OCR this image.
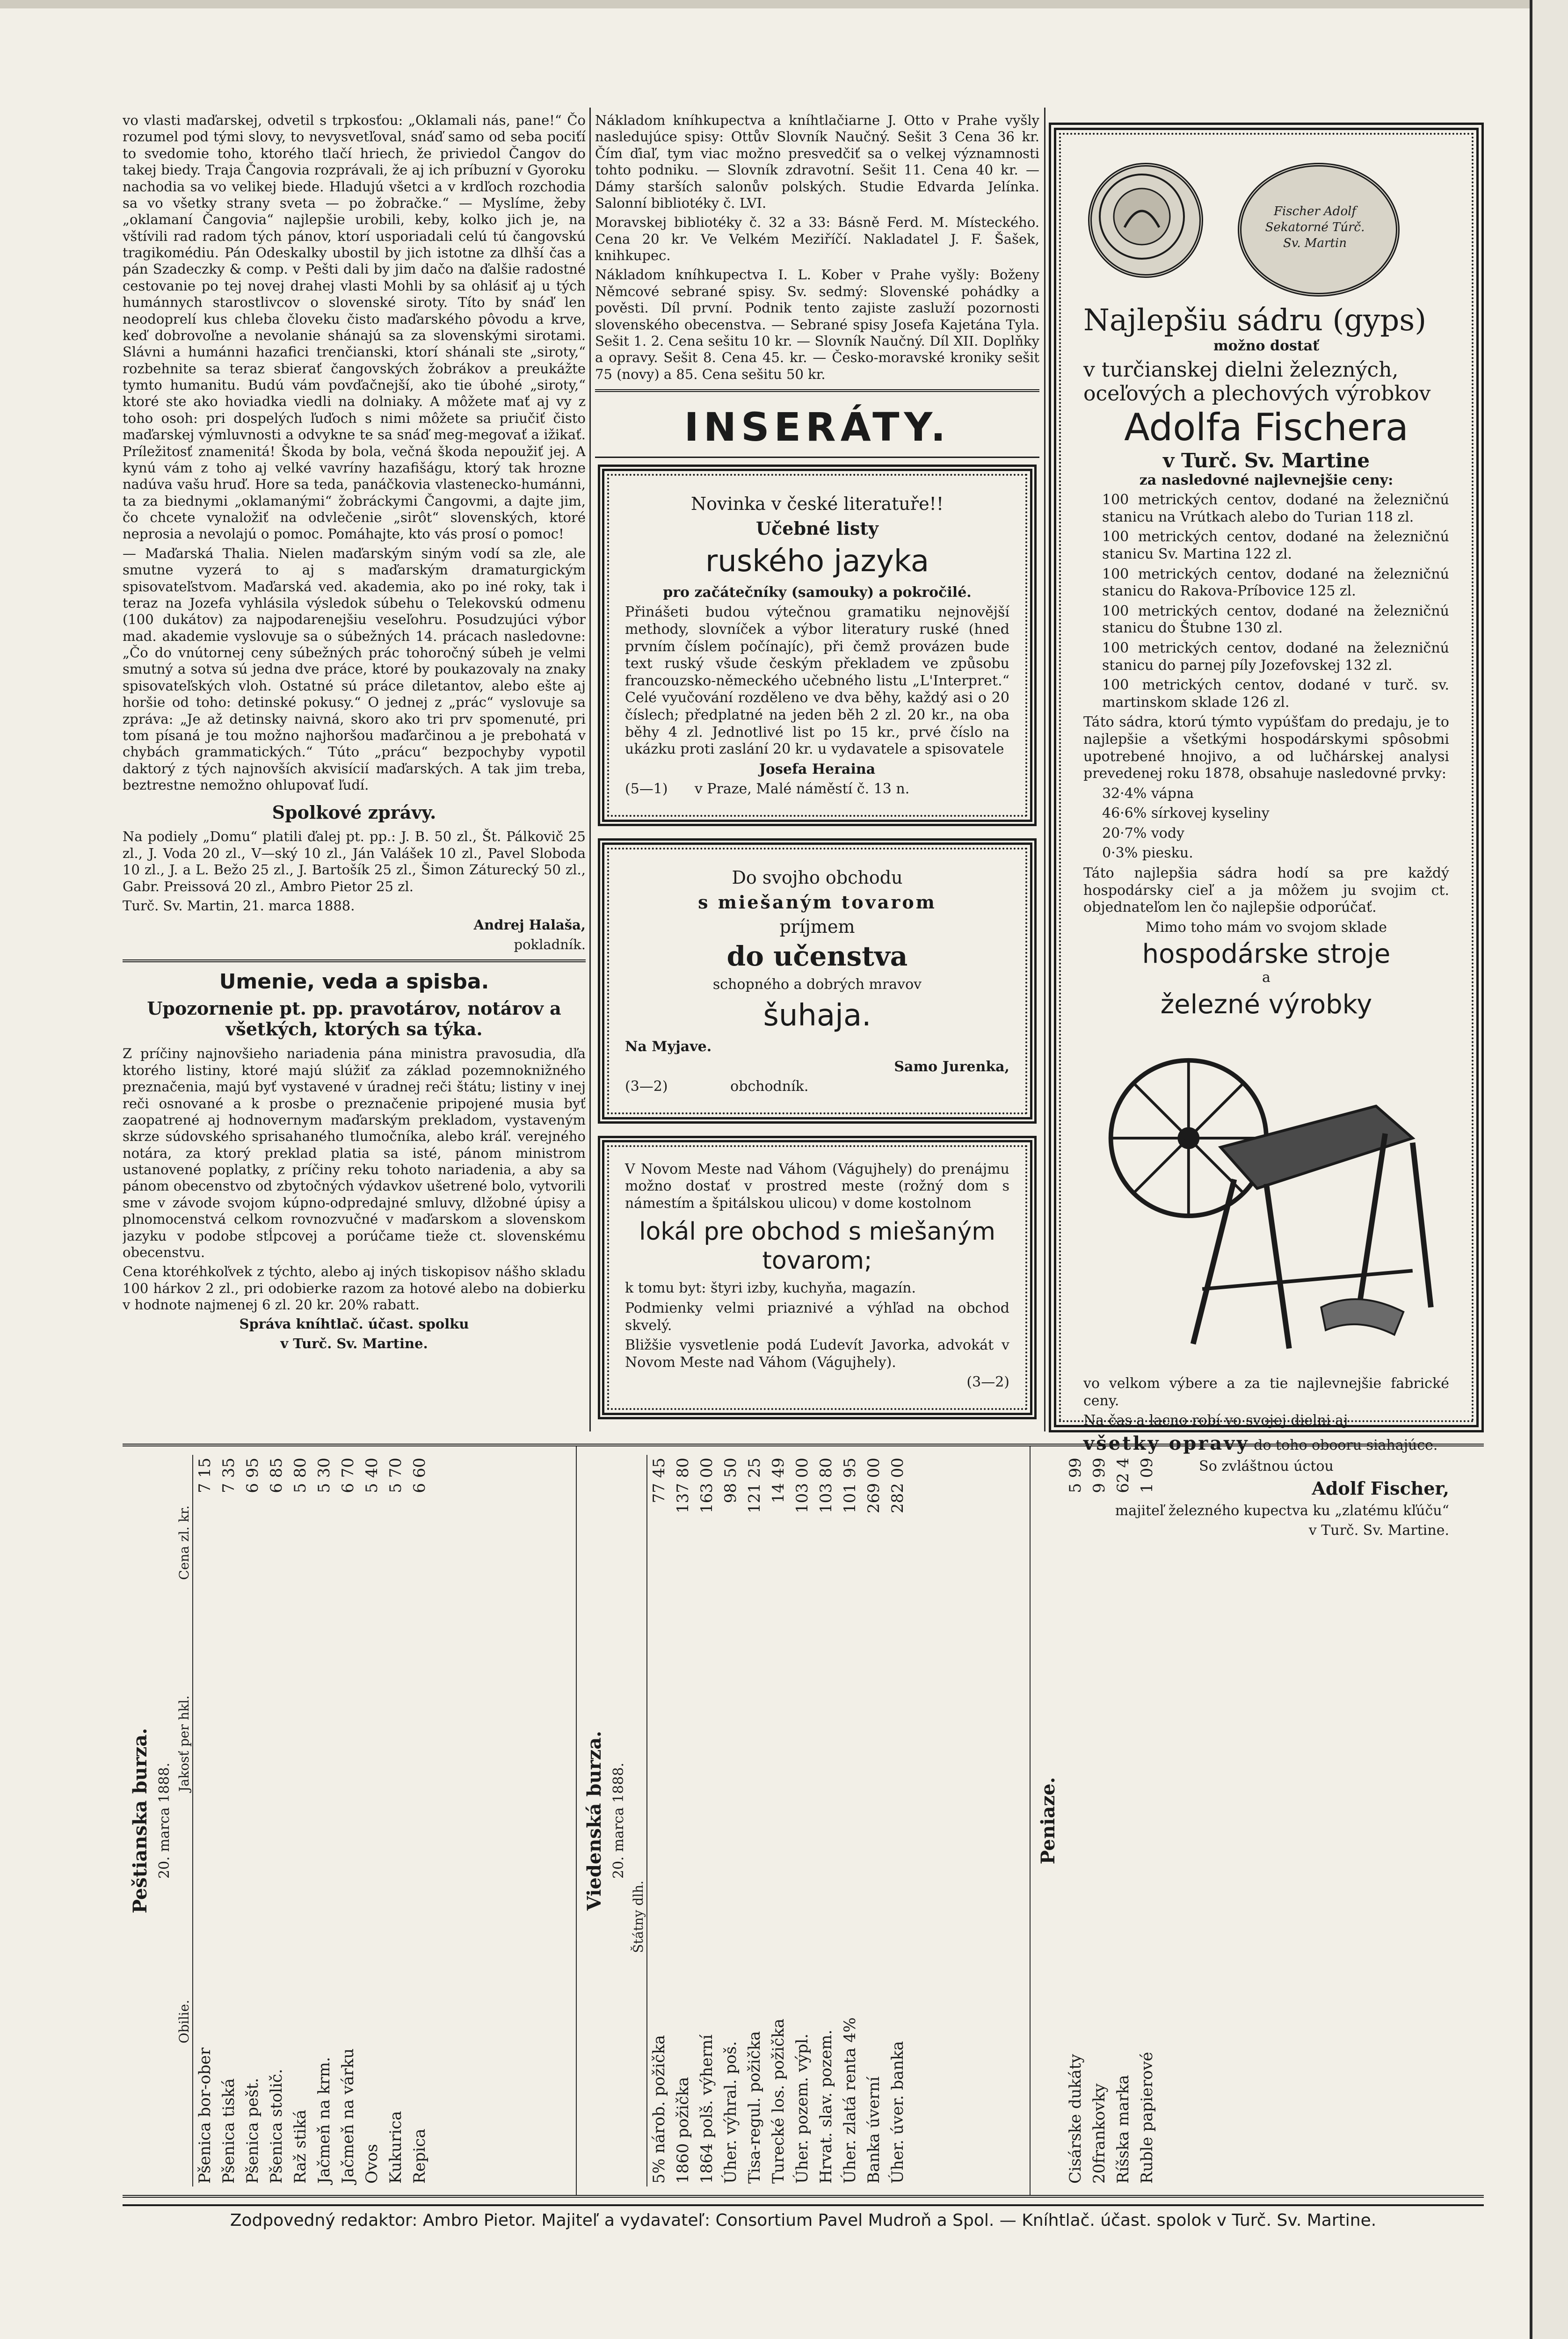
vo vlasti maďarskej, odvetil s trpkosťou: „Oklamali nás, pane!“ Čo rozumel pod tými slovy, to nevysvetľoval, snáď samo od seba pociťí to svedomie toho, ktorého tlačí hriech, že priviedol Čangov do takej biedy. Traja Čangovia rozprávali, že aj ich príbuzní v Gyoroku nachodia sa vo velikej biede. Hladujú všetci a v krdľoch rozchodia sa vo všetky strany sveta — po žobračke.“ — Myslíme, žeby „oklamaní Čangovia“ najlepšie urobili, keby, kolko jich je, na vštívili rad radom tých pánov, ktorí usporiadali celú tú čangovskú tragikomédiu. Pán Odeskalky ubostil by jich istotne za dlhší čas a pán Szadeczky & comp. v Pešti dali by jim dačo na ďalšie radostné cestovanie po tej novej drahej vlasti Mohli by sa ohlásiť aj u tých humánnych starostlivcov o slovenské siroty. Títo by snáď len neodoprelí kus chleba človeku čisto maďarského pôvodu a krve, keď dobrovoľne a nevolanie shánajú sa za slovenskými sirotami. Slávni a humánni hazafici trenčianski, ktorí shánali ste „siroty,“ rozbehnite sa teraz sbierať čangovských žobrákov a preukážte tymto humanitu. Budú vám povďačnejší, ako tie úbohé „siroty,“ ktoré ste ako hoviadka viedli na dolniaky. A môžete mať aj vy z toho osoh: pri dospelých ľuďoch s nimi môžete sa priučiť čisto maďarskej výmluvnosti a odvykne te sa snáď meg-megovať a ižikať. Príležitosť znamenitá! Škoda by bola, večná škoda nepoužiť jej. A kynú vám z toho aj velké vavríny hazafišágu, ktorý tak hrozne nadúva vašu hruď. Hore sa teda, panáčkovia vlastenecko-humánni, ta za biednymi „oklamanými“ žobráckymi Čangovmi, a dajte jim, čo chcete vynaložiť na odvlečenie „sirôt“ slovenských, ktoré neprosia a nevolajú o pomoc. Pomáhajte, kto vás prosí o pomoc!

— Maďarská Thalia. Nielen maďarským siným vodí sa zle, ale smutne vyzerá to aj s maďarským dramaturgickým spisovateľstvom. Maďarská ved. akademia, ako po iné roky, tak i teraz na Jozefa vyhlásila výsledok súbehu o Telekovskú odmenu (100 dukátov) za najpodarenejšiu veseľohru. Posudzujúci výbor mad. akademie vyslovuje sa o súbežných 14. prácach nasledovne: „Čo do vnútornej ceny súbežných prác tohoročný súbeh je velmi smutný a sotva sú jedna dve práce, ktoré by poukazovaly na znaky spisovateľských vloh. Ostatné sú práce diletantov, alebo ešte aj horšie od toho: detinské pokusy.“ O jednej z „prác“ vyslovuje sa zpráva: „Je až detinsky naivná, skoro ako tri prv spomenuté, pri tom písaná je tou možno najhoršou maďarčinou a je prebohatá v chybách grammatických.“ Túto „prácu“ bezpochyby vypotil daktorý z tých najnovších akvisícií maďarských. A tak jim treba, beztrestne nemožno ohlupovať ľudí.

Spolkové zprávy.

Na podiely „Domu“ platili ďalej pt. pp.: J. B. 50 zl., Št. Pálkovič 25 zl., J. Voda 20 zl., V—ský 10 zl., Ján Valášek 10 zl., Pavel Sloboda 10 zl., J. a L. Bežo 25 zl., J. Bartošík 25 zl., Šimon Záturecký 50 zl., Gabr. Preissová 20 zl., Ambro Pietor 25 zl.

Turč. Sv. Martin, 21. marca 1888.

Andrej Halaša,

pokladník.

Umenie, veda a spisba.
Upozornenie pt. pp. pravotárov, notárov a všetkých, ktorých sa týka.

Z príčiny najnovšieho nariadenia pána ministra pravosudia, dľa ktorého listiny, ktoré majú slúžiť za základ pozemnoknižného preznačenia, majú byť vystavené v úradnej reči štátu; listiny v inej reči osnované a k prosbe o preznačenie pripojené musia byť zaopatrené aj hodnovernym maďarským prekladom, vystaveným skrze súdovského sprisahaného tlumočníka, alebo kráľ. verejného notára, za ktorý preklad platia sa isté, pánom ministrom ustanovené poplatky, z príčiny reku tohoto nariadenia, a aby sa pánom obecenstvo od zbytočných výdavkov ušetrené bolo, vytvorili sme v závode svojom kúpno-odpredajné smluvy, dlžobné úpisy a plnomocenstvá celkom rovnozvučné v maďarskom a slovenskom jazyku v podobe stĺpcovej a porúčame tieže ct. slovenskému obecenstvu.

Cena ktoréhkoľvek z týchto, alebo aj iných tiskopisov nášho skladu 100 hárkov 2 zl., pri odobierke razom za hotové alebo na dobierku v hodnote najmenej 6 zl. 20 kr. 20% rabatt.

Správa kníhtlač. účast. spolku

v Turč. Sv. Martine.

Nákladom kníhkupectva a kníhtlačiarne J. Otto v Prahe vyšly nasledujúce spisy: Ottův Slovník Naučný. Sešit 3 Cena 36 kr. Čím ďiaľ, tym viac možno presvedčiť sa o velkej významnosti tohto podniku. — Slovník zdravotní. Sešit 11. Cena 40 kr. — Dámy starších salonův polských. Studie Edvarda Jelínka. Salonní bibliotéky č. LVI.

Moravskej bibliotéky č. 32 a 33: Básně Ferd. M. Místeckého. Cena 20 kr. Ve Velkém Meziříčí. Nakladatel J. F. Šašek, knihkupec.

Nákladom kníhkupectva I. L. Kober v Prahe vyšly: Boženy Němcové sebrané spisy. Sv. sedmý: Slovenské pohádky a pověsti. Díl první. Podnik tento zajiste zasluží pozornosti slovenského obecenstva. — Sebrané spisy Josefa Kajetána Tyla. Sešit 1. 2. Cena sešitu 10 kr. — Slovník Naučný. Díl XII. Doplňky a opravy. Sešit 8. Cena 45. kr. — Česko-moravské kroniky sešit 75 (novy) a 85. Cena sešitu 50 kr.

INSERÁTY.
Novinka v české literatuře!!
Učebné listy
ruského jazyka

pro začátečníky (samouky) a pokročilé.

Přinášeti budou výtečnou gramatiku nejnovější methody, slovníček a výbor literatury ruské (hned prvním číslem počínajíc), při čemž provázen bude text ruský všude českým překladem ve způsobu francouzsko-německého učebného listu „L'Interpret.“ Celé vyučování rozděleno ve dva běhy, každý asi o 20 číslech; předplatné na jeden běh 2 zl. 20 kr., na oba běhy 4 zl. Jednotlivé list po 15 kr., prvé číslo na ukázku proti zaslání 20 kr. u vydavatele a spisovatele

Josefa Heraina

(5—1) v Praze, Malé náměstí č. 13 n.

Do svojho obchodu
s miešaným tovarom
príjmem
do učenstva

schopného a dobrých mravov

šuhaja.

Na Myjave.

Samo Jurenka,

(3—2)	obchodník.

V Novom Meste nad Váhom (Vágujhely) do prenájmu možno dostať v prostred meste (rožný dom s námestím a špitálskou ulicou) v dome kostolnom

lokál pre obchod s miešaným tovarom;

k tomu byt: štyri izby, kuchyňa, magazín.

Podmienky velmi priaznivé a výhľad na obchod skvelý.

Bližšie vysvetlenie podá Ľudevít Javorka, advokát v Novom Meste nad Váhom (Vágujhely).

(3—2)

Fischer Adolf Sekatorné Túrč. Sv. Martin
Najlepšiu sádru (gyps)

možno dostať

v turčianskej dielni železných, oceľových a plechových výrobkov
Adolfa Fischera
v Turč. Sv. Martine

za nasledovné najlevnejšie ceny:

100 metrických centov, dodané na železničnú stanicu na Vrútkach alebo do Turian 118 zl.

100 metrických centov, dodané na železničnú stanicu Sv. Martina 122 zl.

100 metrických centov, dodané na železničnú stanicu do Rakova-Príbovice 125 zl.

100 metrických centov, dodané na železničnú stanicu do Štubne 130 zl.

100 metrických centov, dodané na železničnú stanicu do parnej píly Jozefovskej 132 zl.

100 metrických centov, dodané v turč. sv. martinskom sklade 126 zl.

Táto sádra, ktorú týmto vypúšťam do predaju, je to najlepšie a všetkými hospodárskymi spôsobmi upotrebené hnojivo, a od lučhárskej analysi prevedenej roku 1878, obsahuje nasledovné prvky:

32·4% vápna

46·6% sírkovej kyseliny

20·7% vody

0·3% piesku.

Táto najlepšia sádra hodí sa pre každý hospodársky cieľ a ja môžem ju svojim ct. objednateľom len čo najlepšie odporúčať.

Mimo toho mám vo svojom sklade

hospodárske stroje

a

železné výrobky

vo velkom výbere a za tie najlevnejšie fabrické ceny.

Na čas a lacno robí vo svojej dielni aj

všetky opravy do toho obooru siahajúce.

So zvláštnou úctou

Adolf Fischer,

majiteľ železného kupectva ku „zlatému kľúču“

v Turč. Sv. Martine.

Peštianska burza. 20. marca 1888.

Obilie.	Jakosť per hkl.	Cena zl. kr.
Pšenica bor-ober		7 15
Pšenica tiská		7 35
Pšenica pešt.		6 95
Pšenica stolič.		6 85
Raž stiká		5 80
Jačmeň na krm.		5 30
Jačmeň na várku		6 70
Ovos		5 40
Kukurica		5 70
Repica		6 60
Viedenská burza. 20. marca 1888.

Štátny dlh.	
5% nárob. požička	77 45
1860 požička	137 80
1864 polš. výherní	163 00
Úher. výhral. poš.	98 50
Tisa-regul. požička	121 25
Turecké los. požička	14 49
Úher. pozem. výpl.	103 00
Hrvat. slav. pozem.	103 80
Úher. zlatá renta 4%	101 95
Banka úverní	269 00
Úher. úver. banka	282 00
Peniaze.
Cisárske dukáty	5 99
20frankovky	9 99
Ríšska marka	62 4
Ruble papierové	1 09
Zodpovedný redaktor: Ambro Pietor. Majiteľ a vydavateľ: Consortium Pavel Mudroň a Spol. — Kníhtlač. účast. spolok v Turč. Sv. Martine.
